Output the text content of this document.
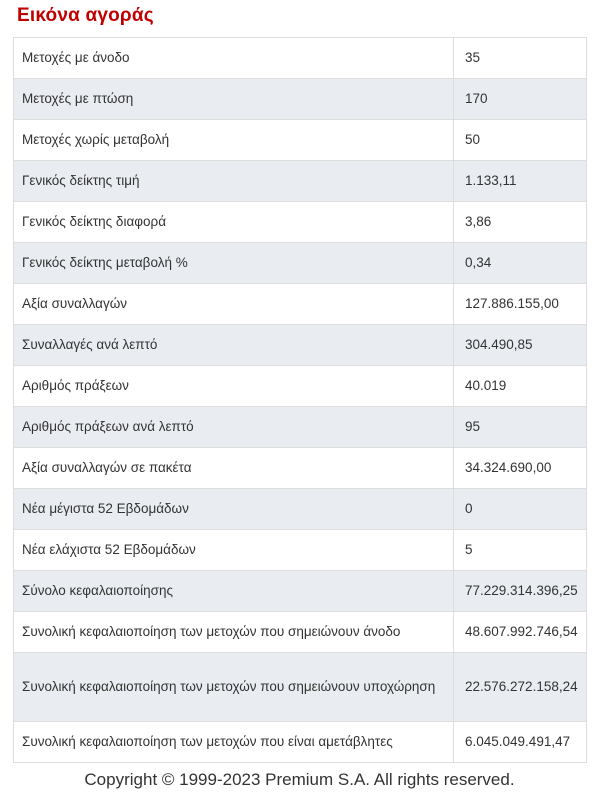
Εικόνα αγοράς
Μετοχές με άνοδο	35
Μετοχές με πτώση	170
Μετοχές χωρίς μεταβολή	50
Γενικός δείκτης τιμή	1.133,11
Γενικός δείκτης διαφορά	3,86
Γενικός δείκτης μεταβολή %	0,34
Αξία συναλλαγών	127.886.155,00
Συναλλαγές ανά λεπτό	304.490,85
Αριθμός πράξεων	40.019
Αριθμός πράξεων ανά λεπτό	95
Αξία συναλλαγών σε πακέτα	34.324.690,00
Νέα μέγιστα 52 Εβδομάδων	0
Νέα ελάχιστα 52 Εβδομάδων	5
Σύνολο κεφαλαιοποίησης	77.229.314.396,25
Συνολική κεφαλαιοποίηση των μετοχών που σημειώνουν άνοδο	48.607.992.746,54
Συνολική κεφαλαιοποίηση των μετοχών που σημειώνουν υποχώρηση	22.576.272.158,24
Συνολική κεφαλαιοποίηση των μετοχών που είναι αμετάβλητες	6.045.049.491,47
Copyright © 1999-2023 Premium S.A. All rights reserved.
